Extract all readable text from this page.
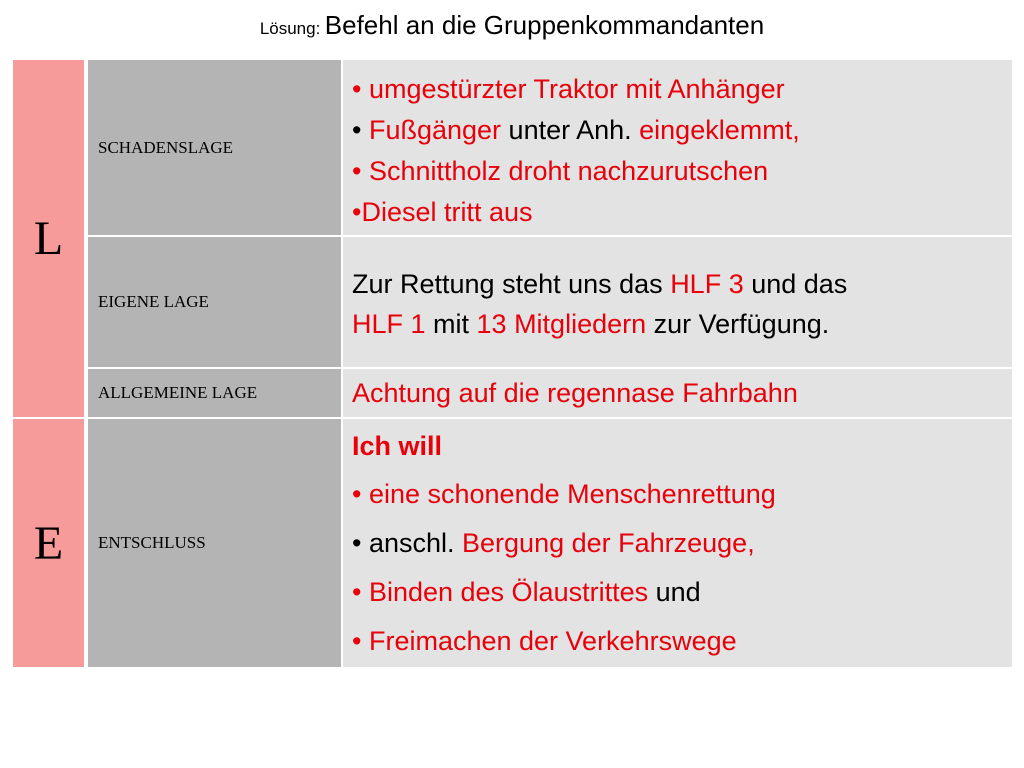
Lösung: Befehl an die Gruppenkommandanten
L
E
SCHADENSLAGE
EIGENE LAGE
ALLGEMEINE LAGE
ENTSCHLUSS
• umgestürzter Traktor mit Anhänger
• Fußgänger unter Anh. eingeklemmt,
• Schnittholz droht nachzurutschen
•Diesel tritt aus
Zur Rettung steht uns das HLF 3 und das
HLF 1 mit 13 Mitgliedern zur Verfügung.
Achtung auf die regennase Fahrbahn
Ich will
• eine schonende Menschenrettung
• anschl. Bergung der Fahrzeuge,
• Binden des Ölaustrittes und
• Freimachen der Verkehrswege
